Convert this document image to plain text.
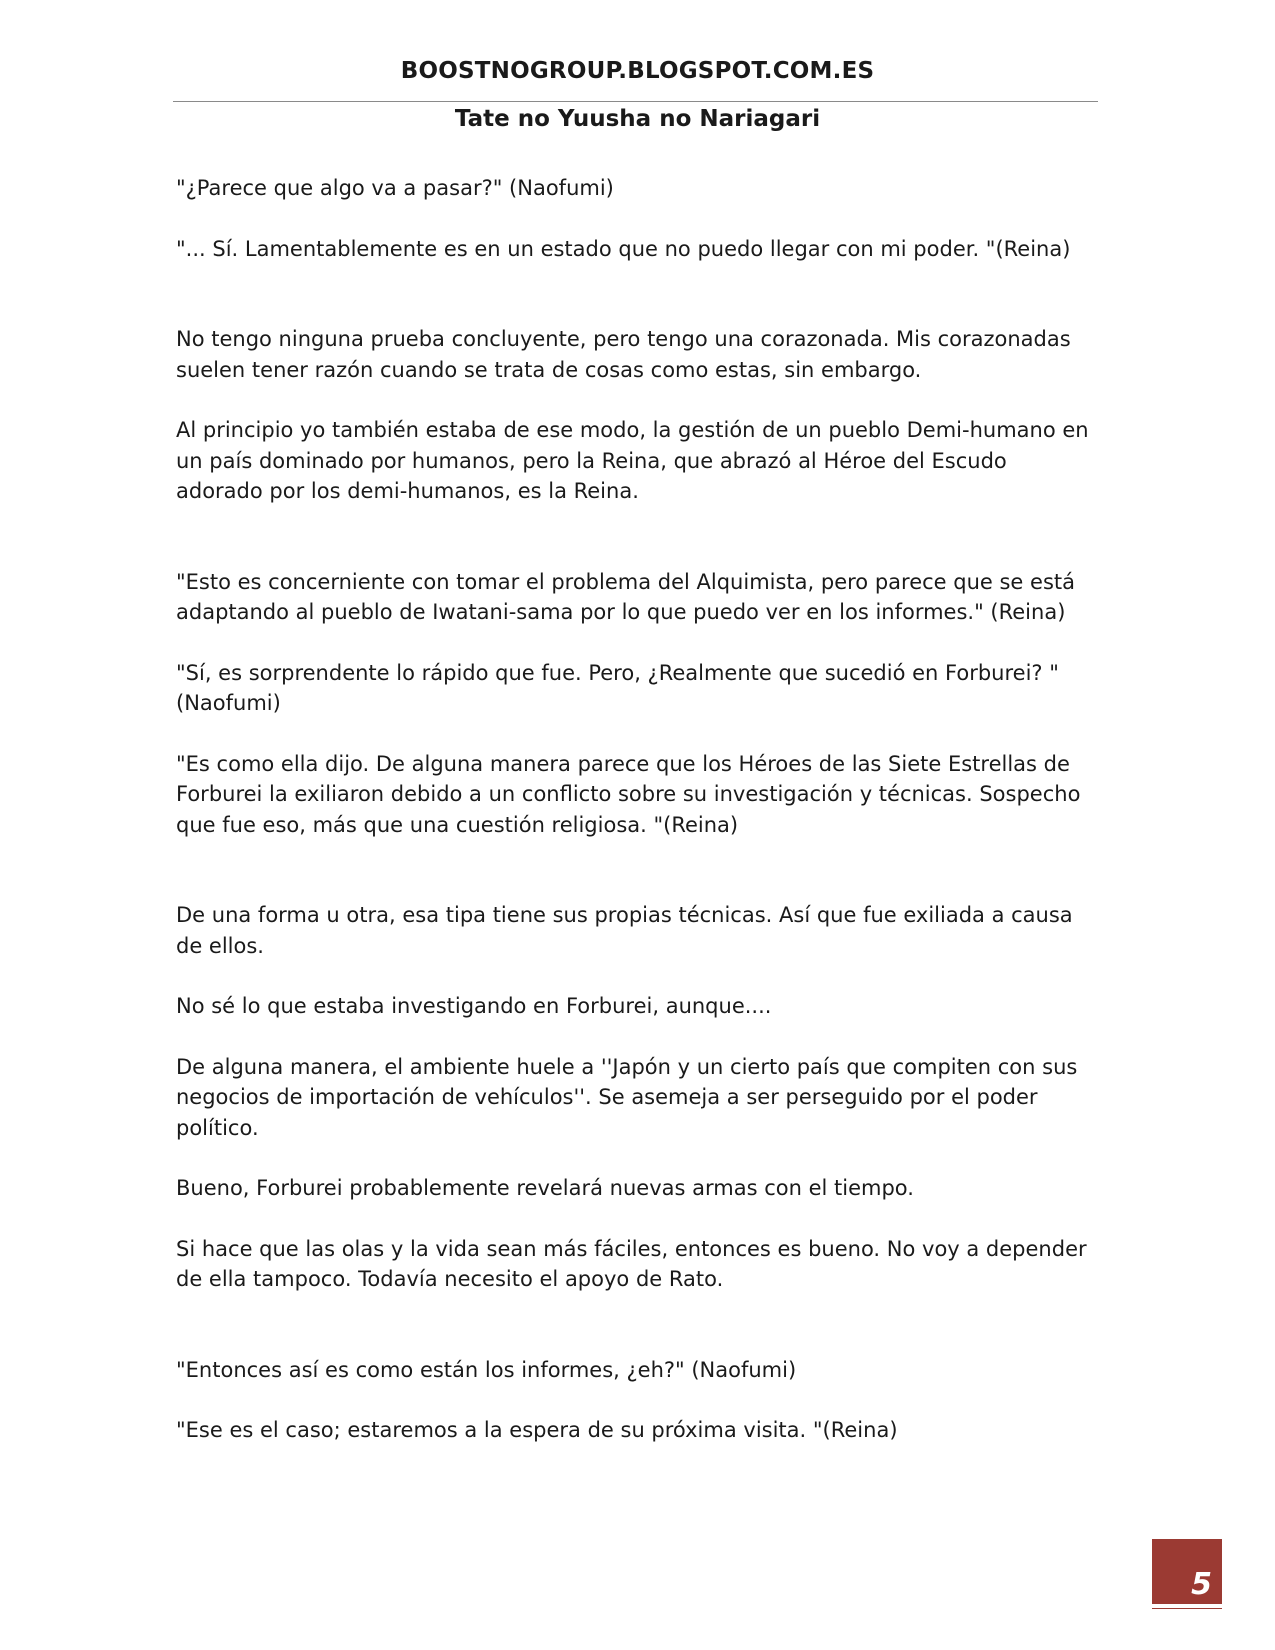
BOOSTNOGROUP.BLOGSPOT.COM.ES
Tate no Yuusha no Nariagari

"¿Parece que algo va a pasar?" (Naofumi)

"... Sí. Lamentablemente es en un estado que no puedo llegar con mi poder. "(Reina)

No tengo ninguna prueba concluyente, pero tengo una corazonada. Mis corazonadas suelen tener razón cuando se trata de cosas como estas, sin embargo.

Al principio yo también estaba de ese modo, la gestión de un pueblo Demi-humano en un país dominado por humanos, pero la Reina, que abrazó al Héroe del Escudo adorado por los demi-humanos, es la Reina.

"Esto es concerniente con tomar el problema del Alquimista, pero parece que se está adaptando al pueblo de Iwatani-sama por lo que puedo ver en los informes." (Reina)

"Sí, es sorprendente lo rápido que fue. Pero, ¿Realmente que sucedió en Forburei? "(Naofumi)

"Es como ella dijo. De alguna manera parece que los Héroes de las Siete Estrellas de Forburei la exiliaron debido a un conflicto sobre su investigación y técnicas. Sospecho que fue eso, más que una cuestión religiosa. "(Reina)

De una forma u otra, esa tipa tiene sus propias técnicas. Así que fue exiliada a causa de ellos.

No sé lo que estaba investigando en Forburei, aunque....

De alguna manera, el ambiente huele a ''Japón y un cierto país que compiten con sus negocios de importación de vehículos''. Se asemeja a ser perseguido por el poder político.

Bueno, Forburei probablemente revelará nuevas armas con el tiempo.

Si hace que las olas y la vida sean más fáciles, entonces es bueno. No voy a depender de ella tampoco. Todavía necesito el apoyo de Rato.

"Entonces así es como están los informes, ¿eh?" (Naofumi)

"Ese es el caso; estaremos a la espera de su próxima visita. "(Reina)

5
